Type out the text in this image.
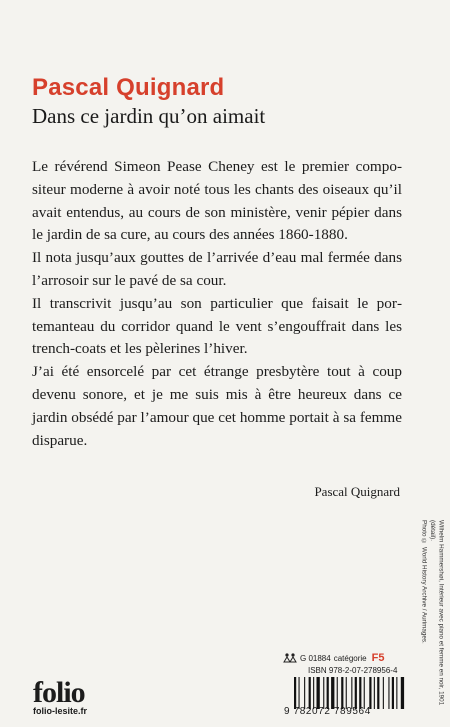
Pascal Quignard
Dans ce jardin qu’on aimait

Le révérend Simeon Pease Cheney est le premier compositeur moderne à avoir noté tous les chants des oiseaux qu’il avait entendus, au cours de son ministère, venir pépier dans le jardin de sa cure, au cours des années 1860-1880.

Il nota jusqu’aux gouttes de l’arrivée d’eau mal fermée dans l’arrosoir sur le pavé de sa cour.

Il transcrivit jusqu’au son particulier que faisait le portemanteau du corridor quand le vent s’engouffrait dans les trench-coats et les pèlerines l’hiver.

J’ai été ensorcelé par cet étrange presbytère tout à coup devenu sonore, et je me suis mis à être heureux dans ce jardin obsédé par l’amour que cet homme portait à sa femme disparue.

Pascal Quignard
Wilhelm Hammershøi, Intérieur avec piano et femme en noir, 1901 (détail).
Photo © World History Archive / Aurimages.
G 01884 catégorie F5
ISBN 978-2-07-278956-4
9 782072 789564
folio
folio-lesite.fr
